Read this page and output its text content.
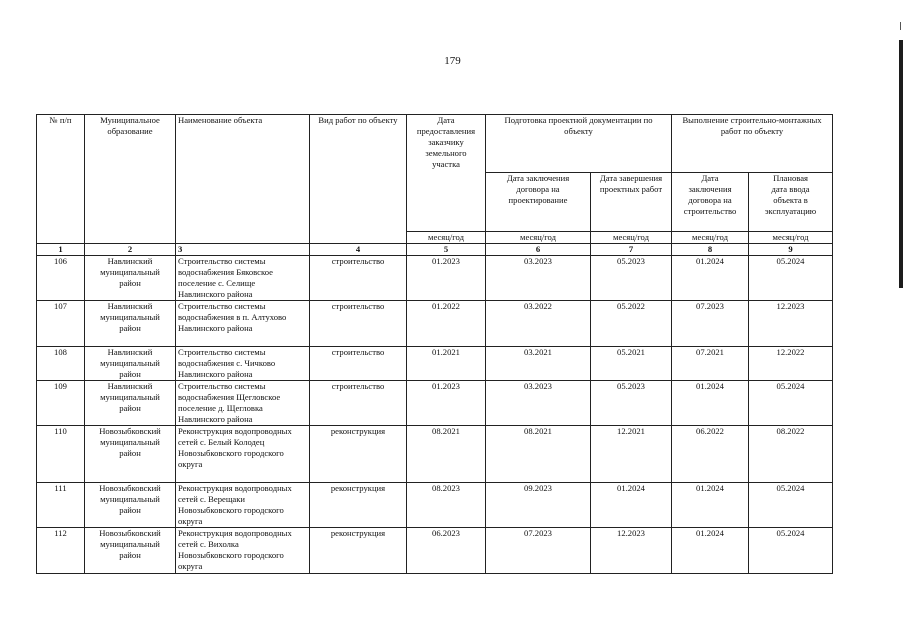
179
№ п/п	Муниципальное
образование	Наименование объекта	Вид работ по объекту	Дата
предоставления
заказчику
земельного
участка	Подготовка проектной документации по
объекту		Выполнение строительно-монтажных
работ по объекту	
					Дата заключения
договора на
проектирование	Дата завершения
проектных работ	Дата
заключения
договора на
строительство	Плановая
дата ввода
объекта в
эксплуатацию
				месяц/год	месяц/год	месяц/год	месяц/год	месяц/год
1	2	3	4	5	6	7	8	9
106	Навлинский
муниципальный
район	Строительство системы
водоснабжения Бяковское
поселение с. Селище
Навлинского района	строительство	01.2023	03.2023	05.2023	01.2024	05.2024
107	Навлинский
муниципальный
район	Строительство системы
водоснабжения в п. Алтухово
Навлинского района	строительство	01.2022	03.2022	05.2022	07.2023	12.2023
108	Навлинский
муниципальный
район	Строительство системы
водоснабжения с. Чичково
Навлинского района	строительство	01.2021	03.2021	05.2021	07.2021	12.2022
109	Навлинский
муниципальный
район	Строительство системы
водоснабжения Щегловское
поселение д. Щегловка
Навлинского района	строительство	01.2023	03.2023	05.2023	01.2024	05.2024
110	Новозыбковский
муниципальный
район	Реконструкция водопроводных
сетей с. Белый Колодец
Новозыбковского городского
округа	реконструкция	08.2021	08.2021	12.2021	06.2022	08.2022
111	Новозыбковский
муниципальный
район	Реконструкция водопроводных
сетей с. Верещаки
Новозыбковского городского
округа	реконструкция	08.2023	09.2023	01.2024	01.2024	05.2024
112	Новозыбковский
муниципальный
район	Реконструкция водопроводных
сетей с. Вихолка
Новозыбковского городского
округа	реконструкция	06.2023	07.2023	12.2023	01.2024	05.2024
